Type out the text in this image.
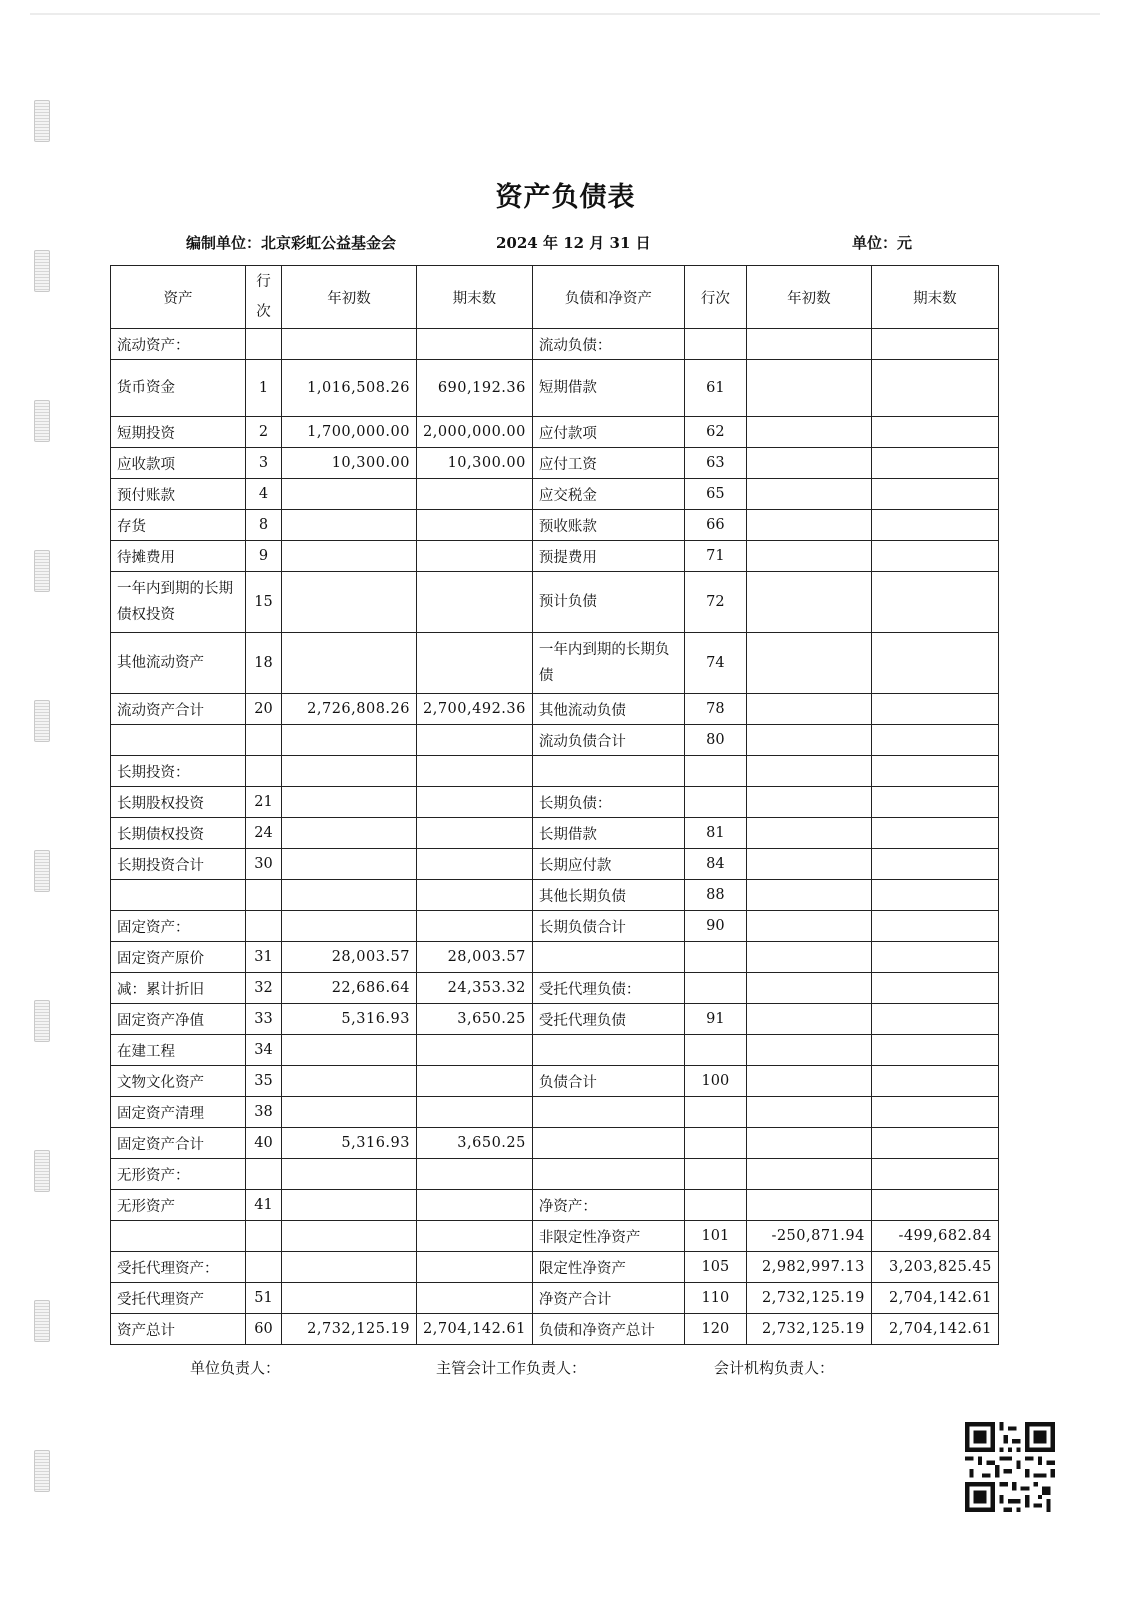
资产负债表
编制单位：北京彩虹公益基金会	2024 年 12 月 31 日	单位：元
资产	行次	年初数	期末数	负债和净资产	行次	年初数	期末数
流动资产：				流动负债：			
货币资金	1	1,016,508.26	690,192.36	短期借款	61		
短期投资	2	1,700,000.00	2,000,000.00	应付款项	62		
应收款项	3	10,300.00	10,300.00	应付工资	63		
预付账款	4			应交税金	65		
存货	8			预收账款	66		
待摊费用	9			预提费用	71		
一年内到期的长期债权投资	15			预计负债	72		
其他流动资产	18			一年内到期的长期负债	74		
流动资产合计	20	2,726,808.26	2,700,492.36	其他流动负债	78		
				流动负债合计	80		
长期投资：							
长期股权投资	21			长期负债：			
长期债权投资	24			长期借款	81		
长期投资合计	30			长期应付款	84		
				其他长期负债	88		
固定资产：				长期负债合计	90		
固定资产原价	31	28,003.57	28,003.57				
减：累计折旧	32	22,686.64	24,353.32	受托代理负债：			
固定资产净值	33	5,316.93	3,650.25	受托代理负债	91		
在建工程	34						
文物文化资产	35			负债合计	100		
固定资产清理	38						
固定资产合计	40	5,316.93	3,650.25				
无形资产：							
无形资产	41			净资产：			
				非限定性净资产	101	-250,871.94	-499,682.84
受托代理资产：				限定性净资产	105	2,982,997.13	3,203,825.45
受托代理资产	51			净资产合计	110	2,732,125.19	2,704,142.61
资产总计	60	2,732,125.19	2,704,142.61	负债和净资产总计	120	2,732,125.19	2,704,142.61
单位负责人：	主管会计工作负责人：	会计机构负责人：
